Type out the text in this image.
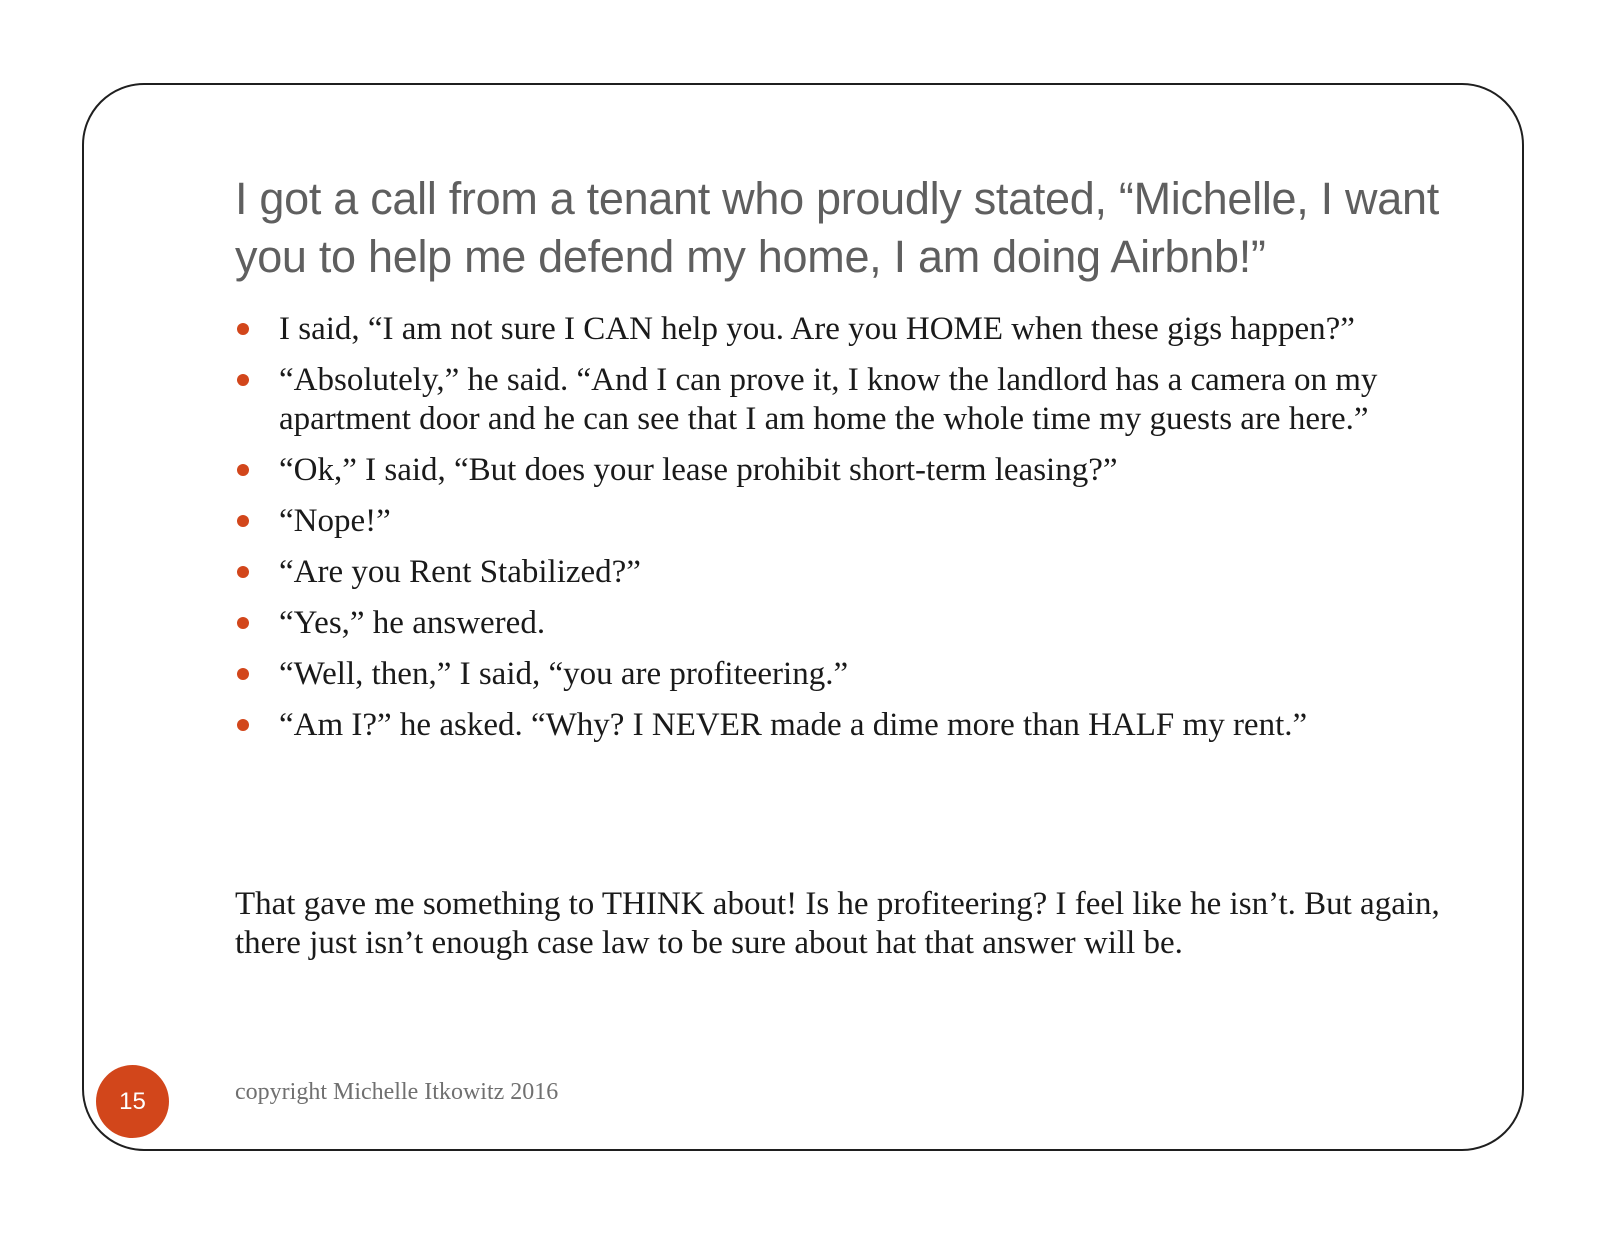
I got a call from a tenant who proudly stated, “Michelle, I want you to help me defend my home, I am doing Airbnb!”
I said, “I am not sure I CAN help you. Are you HOME when these gigs happen?”
“Absolutely,” he said. “And I can prove it, I know the landlord has a camera on my apartment door and he can see that I am home the whole time my guests are here.”
“Ok,” I said, “But does your lease prohibit short-term leasing?”
“Nope!”
“Are you Rent Stabilized?”
“Yes,” he answered.
“Well, then,” I said, “you are profiteering.”
“Am I?” he asked. “Why? I NEVER made a dime more than HALF my rent.”

That gave me something to THINK about! Is he profiteering? I feel like he isn’t. But again, there just isn’t enough case law to be sure about hat that answer will be.

15	copyright Michelle Itkowitz 2016
